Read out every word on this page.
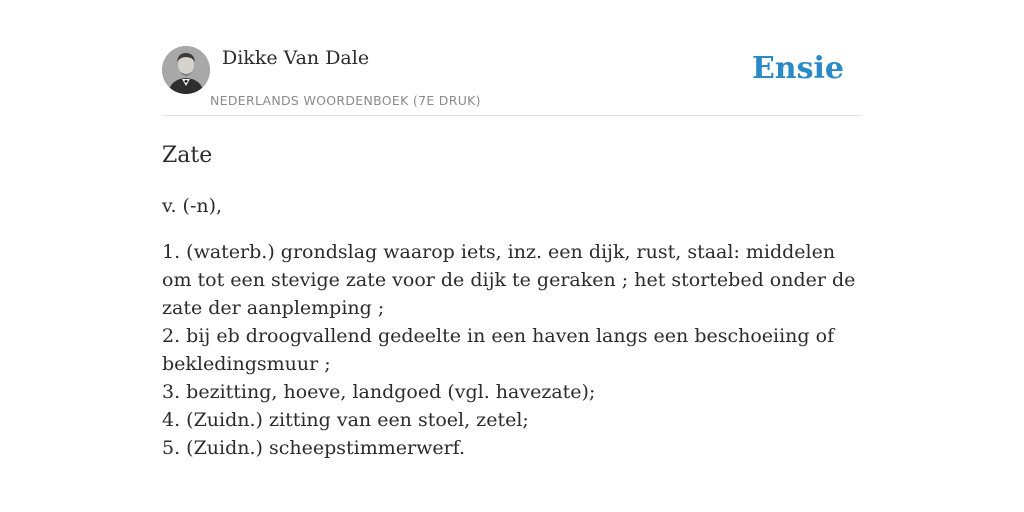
Dikke Van Dale
NEDERLANDS WOORDENBOEK (7E DRUK)
Ensie
Zate

v. (-n),

1. (waterb.) grondslag waarop iets, inz. een dijk, rust, staal: middelen om tot een stevige zate voor de dijk te geraken ; het stortebed onder de zate der aanplemping ;
2. bij eb droogvallend gedeelte in een haven langs een beschoeiing of bekledingsmuur ;
3. bezitting, hoeve, landgoed (vgl. havezate);
4. (Zuidn.) zitting van een stoel, zetel;
5. (Zuidn.) scheepstimmerwerf.
